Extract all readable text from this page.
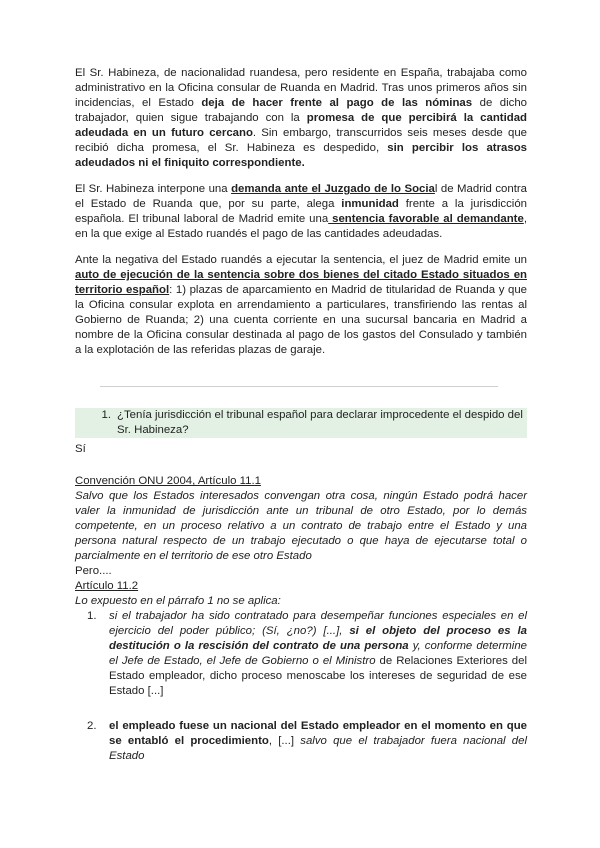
El Sr. Habineza, de nacionalidad ruandesa, pero residente en España, trabajaba como administrativo en la Oficina consular de Ruanda en Madrid. Tras unos primeros años sin incidencias, el Estado deja de hacer frente al pago de las nóminas de dicho trabajador, quien sigue trabajando con la promesa de que percibirá la cantidad adeudada en un futuro cercano. Sin embargo, transcurridos seis meses desde que recibió dicha promesa, el Sr. Habineza es despedido, sin percibir los atrasos adeudados ni el finiquito correspondiente.

El Sr. Habineza interpone una demanda ante el Juzgado de lo Social de Madrid contra el Estado de Ruanda que, por su parte, alega inmunidad frente a la jurisdicción española. El tribunal laboral de Madrid emite una sentencia favorable al demandante, en la que exige al Estado ruandés el pago de las cantidades adeudadas.

Ante la negativa del Estado ruandés a ejecutar la sentencia, el juez de Madrid emite un auto de ejecución de la sentencia sobre dos bienes del citado Estado situados en territorio español: 1) plazas de aparcamiento en Madrid de titularidad de Ruanda y que la Oficina consular explota en arrendamiento a particulares, transfiriendo las rentas al Gobierno de Ruanda; 2) una cuenta corriente en una sucursal bancaria en Madrid a nombre de la Oficina consular destinada al pago de los gastos del Consulado y también a la explotación de las referidas plazas de garaje.

1. ¿Tenía jurisdicción el tribunal español para declarar improcedente el despido del Sr. Habineza?
Sí
Convención ONU 2004, Artículo 11.1

Salvo que los Estados interesados convengan otra cosa, ningún Estado podrá hacer valer la inmunidad de jurisdicción ante un tribunal de otro Estado, por lo demás competente, en un proceso relativo a un contrato de trabajo entre el Estado y una persona natural respecto de un trabajo ejecutado o que haya de ejecutarse total o parcialmente en el territorio de ese otro Estado

Pero....
Artículo 11.2
Lo expuesto en el párrafo 1 no se aplica:
1.	si el trabajador ha sido contratado para desempeñar funciones especiales en el ejercicio del poder público; (Sí, ¿no?) [...], si el objeto del proceso es la destitución o la rescisión del contrato de una persona y, conforme determine el Jefe de Estado, el Jefe de Gobierno o el Ministro de Relaciones Exteriores del Estado empleador, dicho proceso menoscabe los intereses de seguridad de ese Estado [...]

2.	el empleado fuese un nacional del Estado empleador en el momento en que se entabló el procedimiento, [...] salvo que el trabajador fuera nacional del Estado
